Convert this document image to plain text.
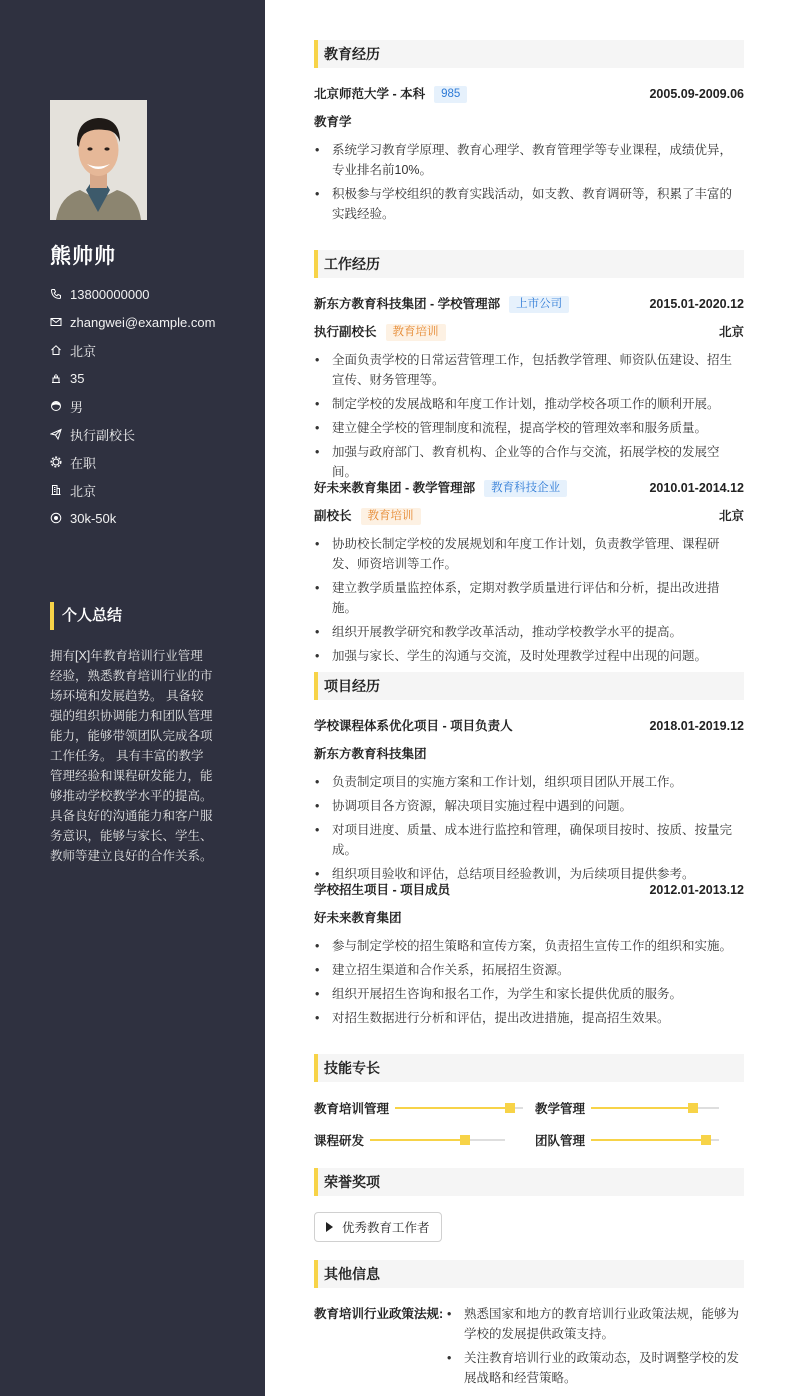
熊帅帅
13800000000
zhangwei@example.com
北京
35
男
执行副校长
在职
北京
30k-50k
个人总结

拥有[X]年教育培训行业管理经验，熟悉教育培训行业的市场环境和发展趋势。 具备较强的组织协调能力和团队管理能力，能够带领团队完成各项工作任务。 具有丰富的教学管理经验和课程研发能力，能够推动学校教学水平的提高。 具备良好的沟通能力和客户服务意识，能够与家长、学生、教师等建立良好的合作关系。

教育经历
北京师范大学 - 本科	985	2005.09-2009.06
教育学
• 系统学习教育学原理、教育心理学、教育管理学等专业课程，成绩优异，专业排名前10%。
• 积极参与学校组织的教育实践活动，如支教、教育调研等，积累了丰富的实践经验。
工作经历
新东方教育科技集团 - 学校管理部	上市公司	2015.01-2020.12
执行副校长	教育培训	北京
• 全面负责学校的日常运营管理工作，包括教学管理、师资队伍建设、招生宣传、财务管理等。
• 制定学校的发展战略和年度工作计划，推动学校各项工作的顺利开展。
• 建立健全学校的管理制度和流程，提高学校的管理效率和服务质量。
• 加强与政府部门、教育机构、企业等的合作与交流，拓展学校的发展空间。
好未来教育集团 - 教学管理部	教育科技企业	2010.01-2014.12
副校长	教育培训	北京
• 协助校长制定学校的发展规划和年度工作计划，负责教学管理、课程研发、师资培训等工作。
• 建立教学质量监控体系，定期对教学质量进行评估和分析，提出改进措施。
• 组织开展教学研究和教学改革活动，推动学校教学水平的提高。
• 加强与家长、学生的沟通与交流，及时处理教学过程中出现的问题。
项目经历
学校课程体系优化项目 - 项目负责人	2018.01-2019.12
新东方教育科技集团
• 负责制定项目的实施方案和工作计划，组织项目团队开展工作。
• 协调项目各方资源，解决项目实施过程中遇到的问题。
• 对项目进度、质量、成本进行监控和管理，确保项目按时、按质、按量完成。
• 组织项目验收和评估，总结项目经验教训，为后续项目提供参考。
学校招生项目 - 项目成员	2012.01-2013.12
好未来教育集团
• 参与制定学校的招生策略和宣传方案，负责招生宣传工作的组织和实施。
• 建立招生渠道和合作关系，拓展招生资源。
• 组织开展招生咨询和报名工作，为学生和家长提供优质的服务。
• 对招生数据进行分析和评估，提出改进措施，提高招生效果。
技能专长
教育培训管理	教学管理
课程研发	团队管理
荣誉奖项
优秀教育工作者
其他信息
教育培训行业政策法规:
•	熟悉国家和地方的教育培训行业政策法规，能够为学校的发展提供政策支持。
• 关注教育培训行业的政策动态，及时调整学校的发展战略和经营策略。
